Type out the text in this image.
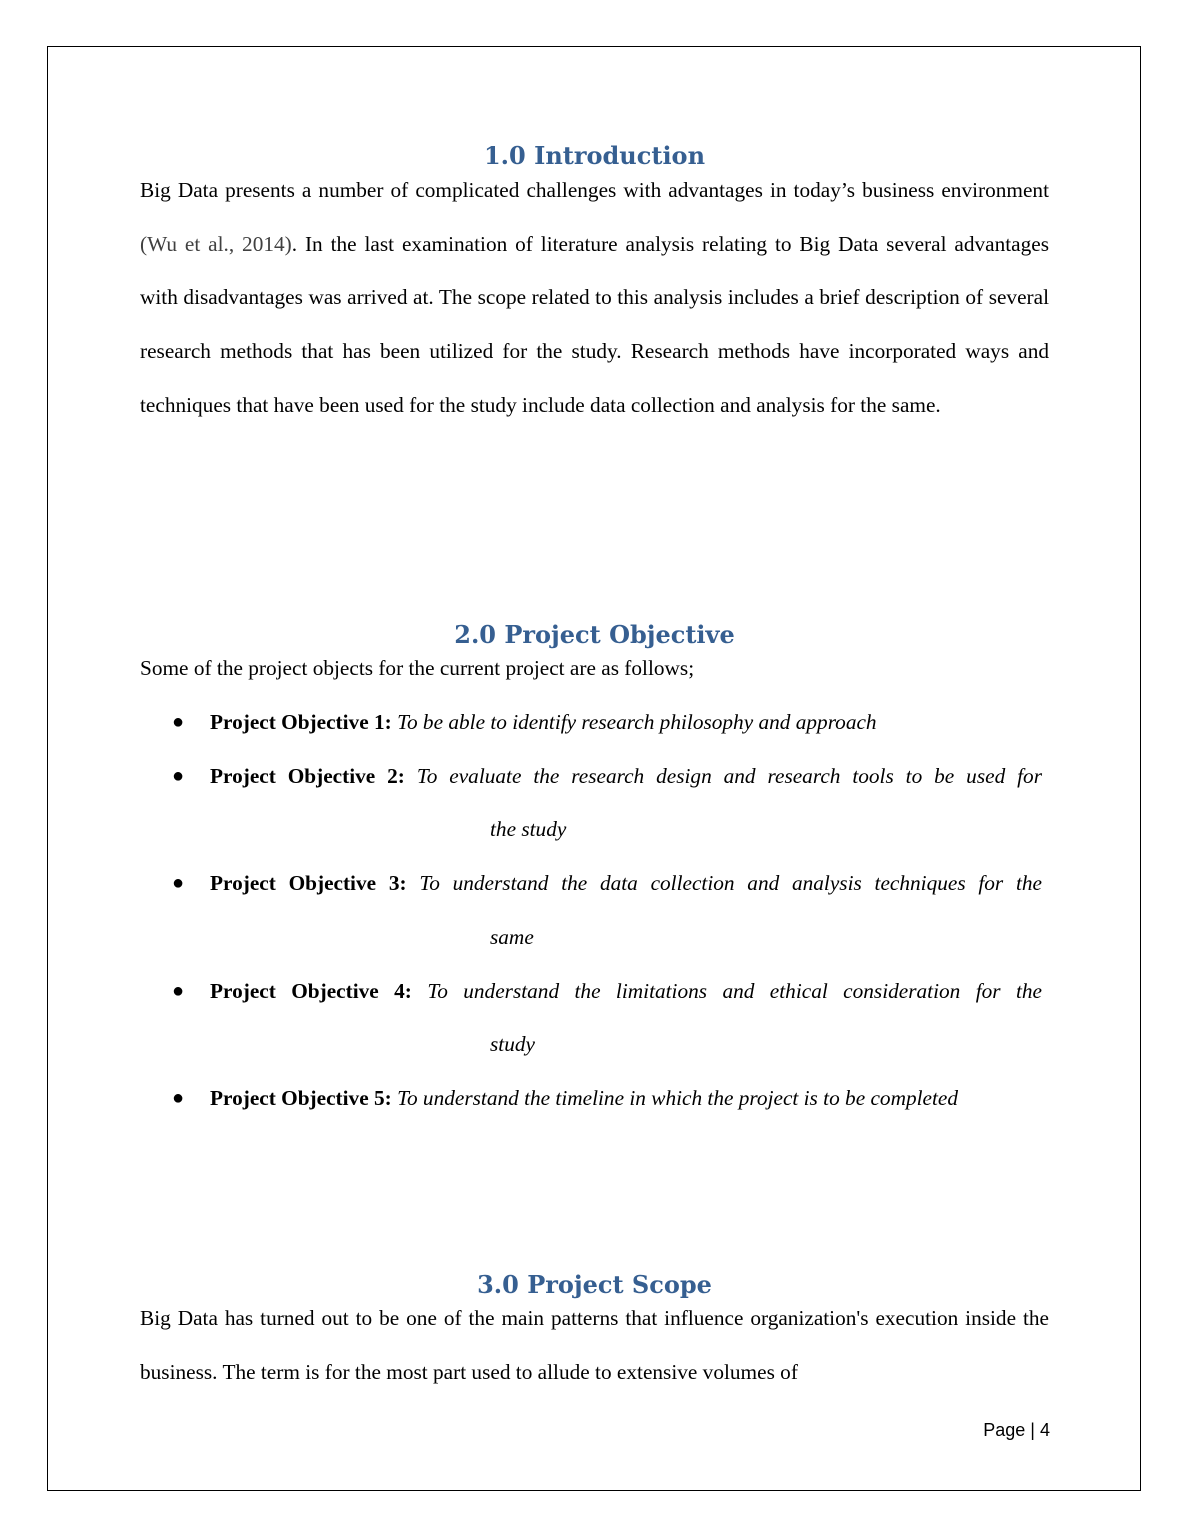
1.0 Introduction

Big Data presents a number of complicated challenges with advantages in today’s business environment (Wu et al., 2014). In the last examination of literature analysis relating to Big Data several advantages with disadvantages was arrived at. The scope related to this analysis includes a brief description of several research methods that has been utilized for the study. Research methods have incorporated ways and techniques that have been used for the study include data collection and analysis for the same.

2.0 Project Objective

Some of the project objects for the current project are as follows;

● Project Objective 1: To be able to identify research philosophy and approach
● Project Objective 2: To evaluate the research design and research tools to be used for
the study
● Project Objective 3: To understand the data collection and analysis techniques for the
same
● Project Objective 4: To understand the limitations and ethical consideration for the
study
● Project Objective 5: To understand the timeline in which the project is to be completed
3.0 Project Scope

Big Data has turned out to be one of the main patterns that influence organization's execution inside the business. The term is for the most part used to allude to extensive volumes of

Page | 4
